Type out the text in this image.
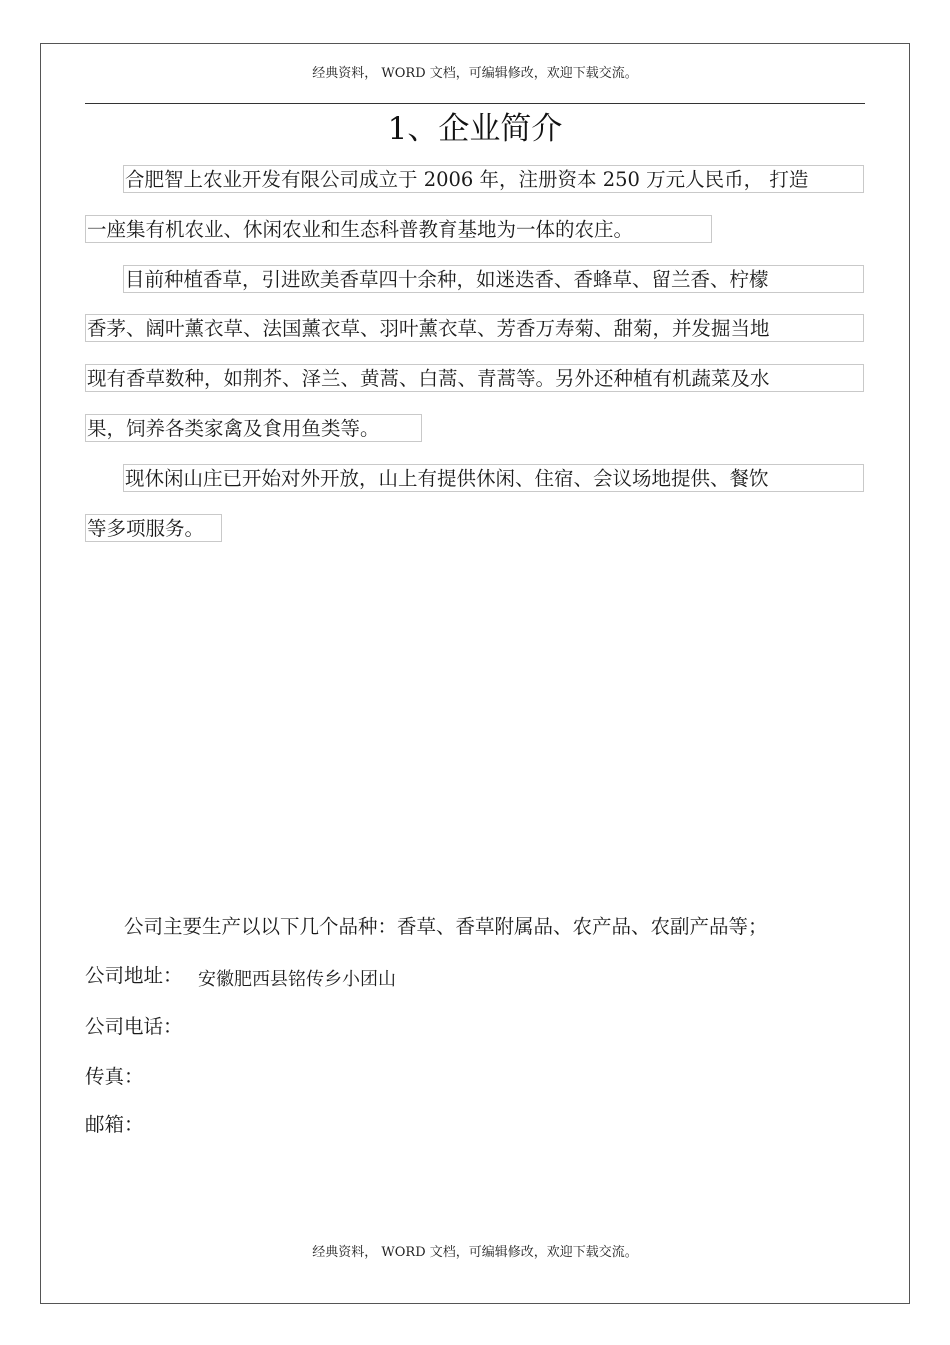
经典资料， WORD 文档，可编辑修改，欢迎下载交流。
1、企业简介
合肥智上农业开发有限公司成立于 2006 年，注册资本 250 万元人民币， 打造
一座集有机农业、休闲农业和生态科普教育基地为一体的农庄。
目前种植香草，引进欧美香草四十余种，如迷迭香、香蜂草、留兰香、柠檬
香茅、阔叶薰衣草、法国薰衣草、羽叶薰衣草、芳香万寿菊、甜菊，并发掘当地
现有香草数种，如荆芥、泽兰、黄蒿、白蒿、青蒿等。另外还种植有机蔬菜及水
果，饲养各类家禽及食用鱼类等。
现休闲山庄已开始对外开放，山上有提供休闲、住宿、会议场地提供、餐饮
等多项服务。
公司主要生产以以下几个品种：香草、香草附属品、农产品、农副产品等；
公司地址： 安徽肥西县铭传乡小团山
公司电话：
传真：
邮箱：
经典资料， WORD 文档，可编辑修改，欢迎下载交流。
